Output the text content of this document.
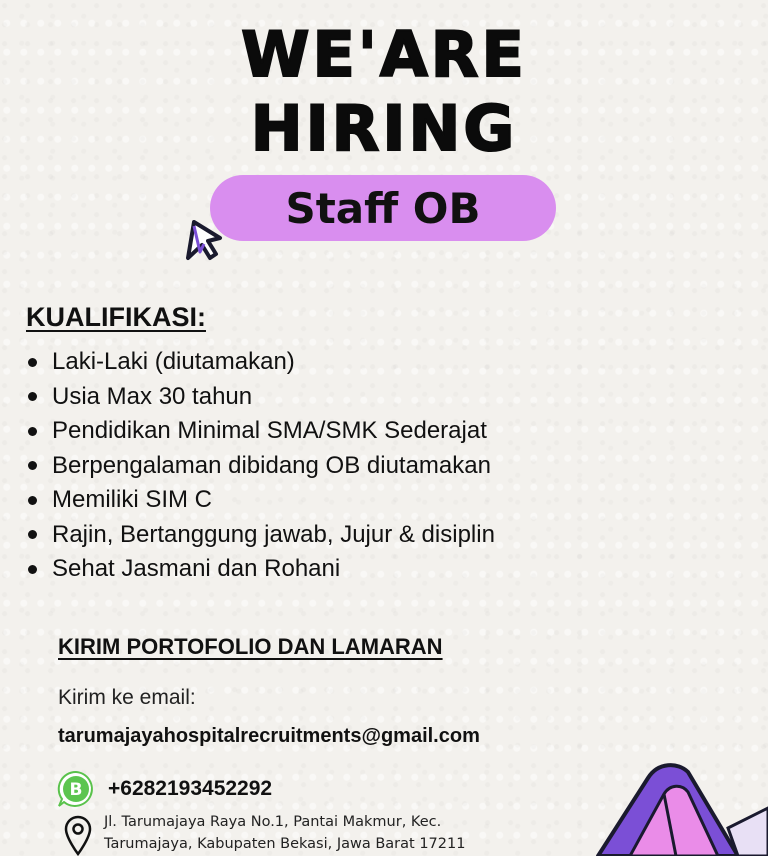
WE'ARE
HIRING
Staff OB
KUALIFIKASI:
Laki-Laki (diutamakan)
Usia Max 30 tahun
Pendidikan Minimal SMA/SMK Sederajat
Berpengalaman dibidang OB diutamakan
Memiliki SIM C
Rajin, Bertanggung jawab, Jujur & disiplin
Sehat Jasmani dan Rohani
KIRIM PORTOFOLIO DAN LAMARAN
Kirim ke email:
tarumajayahospitalrecruitments@gmail.com
B +6282193452292
Jl. Tarumajaya Raya No.1, Pantai Makmur, Kec.
Tarumajaya, Kabupaten Bekasi, Jawa Barat 17211
